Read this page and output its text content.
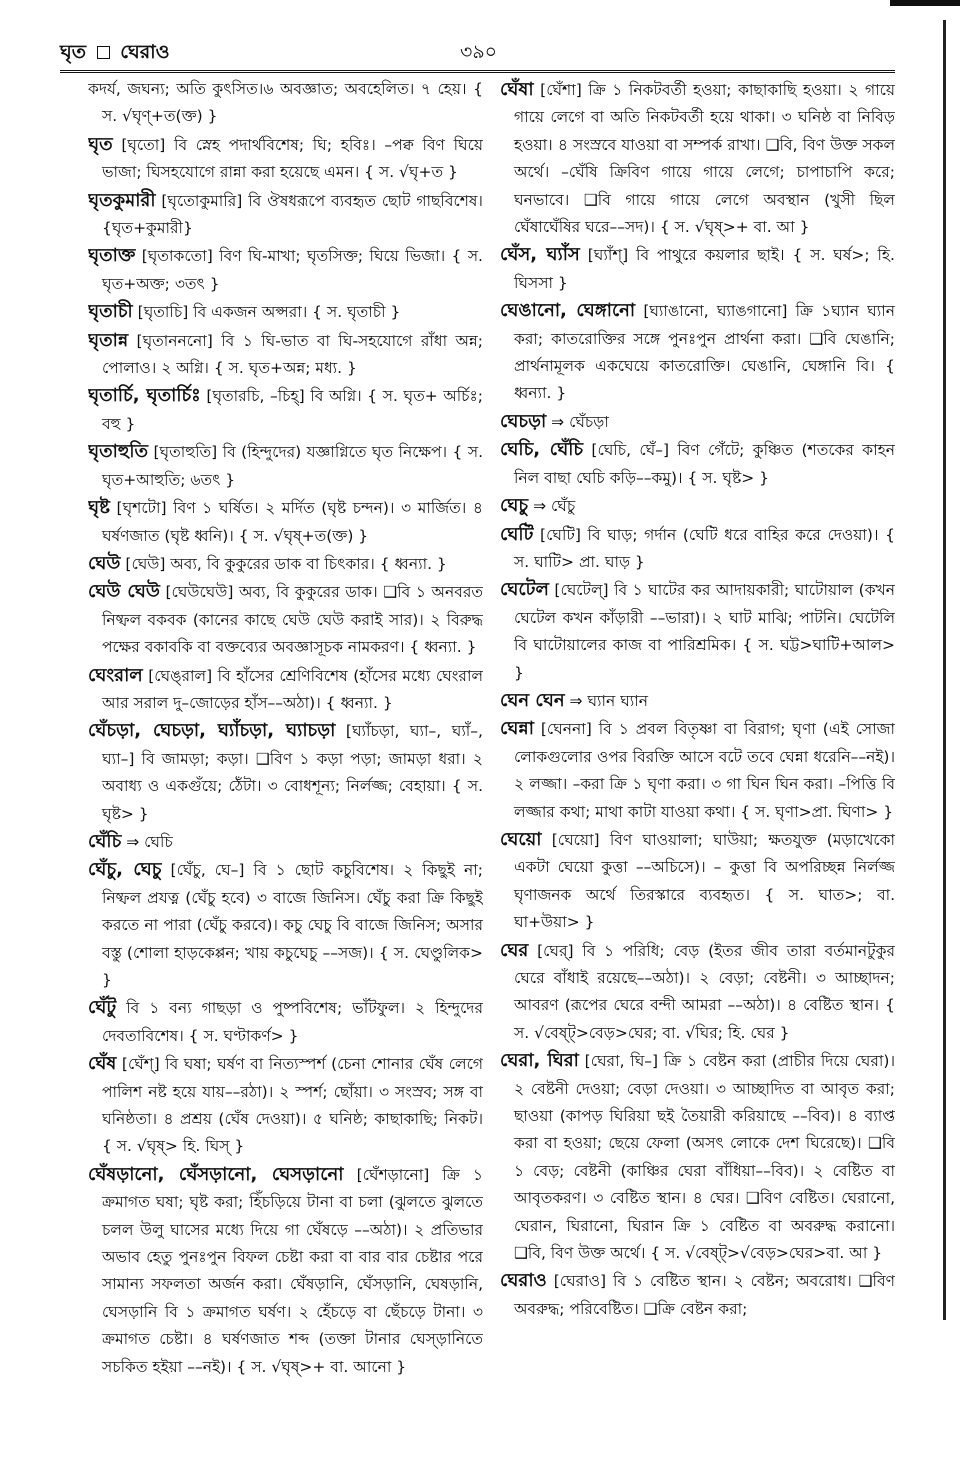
ঘৃত ঘেরাও	৩৯০
কদর্য, জঘন্য; অতি কুৎসিত।৬ অবজ্ঞাত; অবহেলিত। ৭ হেয়। { স. √ঘৃণ্‌+ত(ক্ত) }
ঘৃত [ঘৃতো] বি স্নেহ পদার্থবিশেষ; ঘি; হবিঃ। –পক্ব বিণ ঘিয়ে ভাজা; ঘিসহযোগে রান্না করা হয়েছে এমন। { স. √ঘৃ+ত }
ঘৃতকুমারী [ঘৃতোকুমারি] বি ঔষধরূপে ব্যবহৃত ছোট গাছবিশেষ। {ঘৃত+কুমারী}
ঘৃতাক্ত [ঘৃতাকতো] বিণ ঘি-মাখা; ঘৃতসিক্ত; ঘিয়ে ভিজা। { স. ঘৃত+অক্ত; ৩তৎ }
ঘৃতাচী [ঘৃতাচি] বি একজন অপ্সরা। { স. ঘৃতাচী }
ঘৃতান্ন [ঘৃতানননো] বি ১ ঘি-ভাত বা ঘি-সহযোগে রাঁধা অন্ন; পোলাও। ২ অগ্নি। { স. ঘৃত+অন্ন; মধ্য. }
ঘৃতার্চি, ঘৃতার্চিঃ [ঘৃতারচি, –চিহ্] বি অগ্নি। { স. ঘৃত+ অর্চিঃ; বহু }
ঘৃতাহুতি [ঘৃতাহুতি] বি (হিন্দুদের) যজ্ঞাগ্নিতে ঘৃত নিক্ষেপ। { স. ঘৃত+আহুতি; ৬তৎ }
ঘৃষ্ট [ঘৃশটো] বিণ ১ ঘর্ষিত। ২ মর্দিত (ঘৃষ্ট চন্দন)। ৩ মার্জিত। ৪ ঘর্ষণজাত (ঘৃষ্ট ধ্বনি)। { স. √ঘৃষ্‌+ত(ক্ত) }
ঘেউ [ঘেউ] অব্য, বি কুকুরের ডাক বা চিৎকার। { ধ্বন্যা. }
ঘেউ ঘেউ [ঘেউঘেউ] অব্য, বি কুকুরের ডাক। ❑বি ১ অনবরত নিষ্ফল বকবক (কানের কাছে ঘেউ ঘেউ করাই সার)। ২ বিরুদ্ধ পক্ষের বকাবকি বা বক্তব্যের অবজ্ঞাসূচক নামকরণ। { ধ্বন্যা. }
ঘেংরাল [ঘেঙ্‌রাল] বি হাঁসের শ্রেণিবিশেষ (হাঁসের মধ্যে ঘেংরাল আর সরাল দু–জোড়ের হাঁস––অঠা)। { ধ্বন্যা. }
ঘেঁচড়া, ঘেচড়া, ঘ্যাঁচড়া, ঘ্যাচড়া [ঘ্যাঁচড়া, ঘ্যা–, ঘ্যাঁ–, ঘ্যা–] বি জামড়া; কড়া। ❑বিণ ১ কড়া পড়া; জামড়া ধরা। ২ অবাধ্য ও একগুঁয়ে; ঠেঁটা। ৩ বোধশূন্য; নির্লজ্জ; বেহায়া। { স. ঘৃষ্ট> }
ঘেঁচি ⇒ ঘেচি
ঘেঁচু, ঘেচু [ঘেঁচু, ঘে–] বি ১ ছোট কচুবিশেষ। ২ কিছুই না; নিষ্ফল প্রযত্ন (ঘেঁচু হবে) ৩ বাজে জিনিস। ঘেঁচু করা ক্রি কিছুই করতে না পারা (ঘেঁচু করবে)। কচু ঘেচু বি বাজে জিনিস; অসার বস্তু (শোলা হাড়কেপ্পন; খায় কচুঘেচু ––সজ)। { স. ঘেণ্ডুলিক> }
ঘেঁটু বি ১ বন্য গাছড়া ও পুষ্পবিশেষ; ভাঁটফুল। ২ হিন্দুদের দেবতাবিশেষ। { স. ঘণ্টাকর্ণ> }
ঘেঁষ [ঘেঁশ্] বি ঘষা; ঘর্ষণ বা নিত্যস্পর্শ (চেনা শোনার ঘেঁষ লেগে পালিশ নষ্ট হয়ে যায়––রঠা)। ২ স্পর্শ; ছোঁয়া। ৩ সংস্রব; সঙ্গ বা ঘনিষ্ঠতা। ৪ প্রশ্রয় (ঘেঁষ দেওয়া)। ৫ ঘনিষ্ঠ; কাছাকাছি; নিকট। { স. √ঘৃষ্‌> হি. ঘিস্‌ }
ঘেঁষড়ানো, ঘেঁসড়ানো, ঘেসড়ানো [ঘেঁশড়ানো] ক্রি ১ ক্রমাগত ঘষা; ঘৃষ্ট করা; হিঁচড়িয়ে টানা বা চলা (ঝুলতে ঝুলতে চলল উলু ঘাসের মধ্যে দিয়ে গা ঘেঁষড়ে ––অঠা)। ২ প্রতিভার অভাব হেতু পুনঃপুন বিফল চেষ্টা করা বা বার বার চেষ্টার পরে সামান্য সফলতা অর্জন করা। ঘেঁষড়ানি, ঘেঁসড়ানি, ঘেষড়ানি, ঘেসড়ানি বি ১ ক্রমাগত ঘর্ষণ। ২ হেঁচড়ে বা ছেঁচড়ে টানা। ৩ ক্রমাগত চেষ্টা। ৪ ঘর্ষণজাত শব্দ (তক্তা টানার ঘেস্‌ড়ানিতে সচকিত হইয়া ––নই)। { স. √ঘৃষ্‌>+ বা. আনো }
ঘেঁষা [ঘেঁশা] ক্রি ১ নিকটবর্তী হওয়া; কাছাকাছি হওয়া। ২ গায়ে গায়ে লেগে বা অতি নিকটবর্তী হয়ে থাকা। ৩ ঘনিষ্ঠ বা নিবিড় হওয়া। ৪ সংস্রবে যাওয়া বা সম্পর্ক রাখা। ❑বি, বিণ উক্ত সকল অর্থে। –ঘেঁষি ক্রিবিণ গায়ে গায়ে লেগে; চাপাচাপি করে; ঘনভাবে। ❑বি গায়ে গায়ে লেগে অবস্থান (খুসী ছিল ঘেঁষাঘেঁষির ঘরে––সদ)। { স. √ঘৃষ্‌>+ বা. আ }
ঘেঁস, ঘ্যাঁস [ঘ্যাঁশ্] বি পাথুরে কয়লার ছাই। { স. ঘর্ষ>; হি. ঘিসসা }
ঘেঙানো, ঘেঙ্গানো [ঘ্যাঙানো, ঘ্যাঙগানো] ক্রি ১ঘ্যান ঘ্যান করা; কাতরোক্তির সঙ্গে পুনঃপুন প্রার্থনা করা। ❑বি ঘেঙানি; প্রার্থনামূলক একঘেয়ে কাতরোক্তি। ঘেঙানি, ঘেঙ্গানি বি। { ধ্বন্যা. }
ঘেচড়া ⇒ ঘেঁচড়া
ঘেচি, ঘেঁচি [ঘেচি, ঘেঁ–] বিণ গেঁটে; কুঞ্চিত (শতকের কাহন নিল বাছা ঘেচি কড়ি––কমু)। { স. ঘৃষ্ট> }
ঘেচু ⇒ ঘেঁচু
ঘেটি [ঘেটি] বি ঘাড়; গর্দান (ঘেটি ধরে বাহির করে দেওয়া)। { স. ঘাটি> প্রা. ঘাড় }
ঘেটেল [ঘেটেল্] বি ১ ঘাটের কর আদায়কারী; ঘাটোয়াল (কখন ঘেটেল কখন কাঁড়ারী ––ভারা)। ২ ঘাট মাঝি; পাটনি। ঘেটেলি বি ঘাটোয়ালের কাজ বা পারিশ্রমিক। { স. ঘট্ট>ঘাটি+আল> }
ঘেন ঘেন ⇒ ঘ্যান ঘ্যান
ঘেন্না [ঘেননা] বি ১ প্রবল বিতৃষ্ণা বা বিরাগ; ঘৃণা (এই সোজা লোকগুলোর ওপর বিরক্তি আসে বটে তবে ঘেন্না ধরেনি––নই)। ২ লজ্জা। –করা ক্রি ১ ঘৃণা করা। ৩ গা ঘিন ঘিন করা। –পিত্তি বি লজ্জার কথা; মাথা কাটা যাওয়া কথা। { স. ঘৃণা>প্রা. ঘিণা> }
ঘেয়ো [ঘেয়ো] বিণ ঘাওয়ালা; ঘাউয়া; ক্ষতযুক্ত (মড়াখেকো একটা ঘেয়ো কুত্তা ––অচিসে)। – কুত্তা বি অপরিচ্ছন্ন নির্লজ্জ ঘৃণাজনক অর্থে তিরস্কারে ব্যবহৃত। { স. ঘাত>; বা. ঘা+উয়া> }
ঘের [ঘের্] বি ১ পরিধি; বেড় (ইতর জীব তারা বর্তমানটুকুর ঘেরে বাঁধাই রয়েছে––অঠা)। ২ বেড়া; বেষ্টনী। ৩ আচ্ছাদন; আবরণ (রূপের ঘেরে বন্দী আমরা ––অঠা)। ৪ বেষ্টিত স্থান। { স. √বেষ্ট্‌>বেড়>ঘের; বা. √ঘির; হি. ঘের }
ঘেরা, ঘিরা [ঘেরা, ঘি–] ক্রি ১ বেষ্টন করা (প্রাচীর দিয়ে ঘেরা)। ২ বেষ্টনী দেওয়া; বেড়া দেওয়া। ৩ আচ্ছাদিত বা আবৃত করা; ছাওয়া (কাপড় ঘিরিয়া ছই তৈয়ারী করিয়াছে ––বিব)। ৪ ব্যাপ্ত করা বা হওয়া; ছেয়ে ফেলা (অসৎ লোকে দেশ ঘিরেছে)। ❑বি ১ বেড়; বেষ্টনী (কাঞ্চির ঘেরা বাঁধিয়া––বিব)। ২ বেষ্টিত বা আবৃতকরণ। ৩ বেষ্টিত স্থান। ৪ ঘের। ❑বিণ বেষ্টিত। ঘেরানো, ঘেরান, ঘিরানো, ঘিরান ক্রি ১ বেষ্টিত বা অবরুদ্ধ করানো। ❑বি, বিণ উক্ত অর্থে। { স. √বেষ্ট্‌>√বেড়>ঘের>বা. আ }
ঘেরাও [ঘেরাও] বি ১ বেষ্টিত স্থান। ২ বেষ্টন; অবরোধ। ❑বিণ অবরুদ্ধ; পরিবেষ্টিত। ❑ক্রি বেষ্টন করা;
